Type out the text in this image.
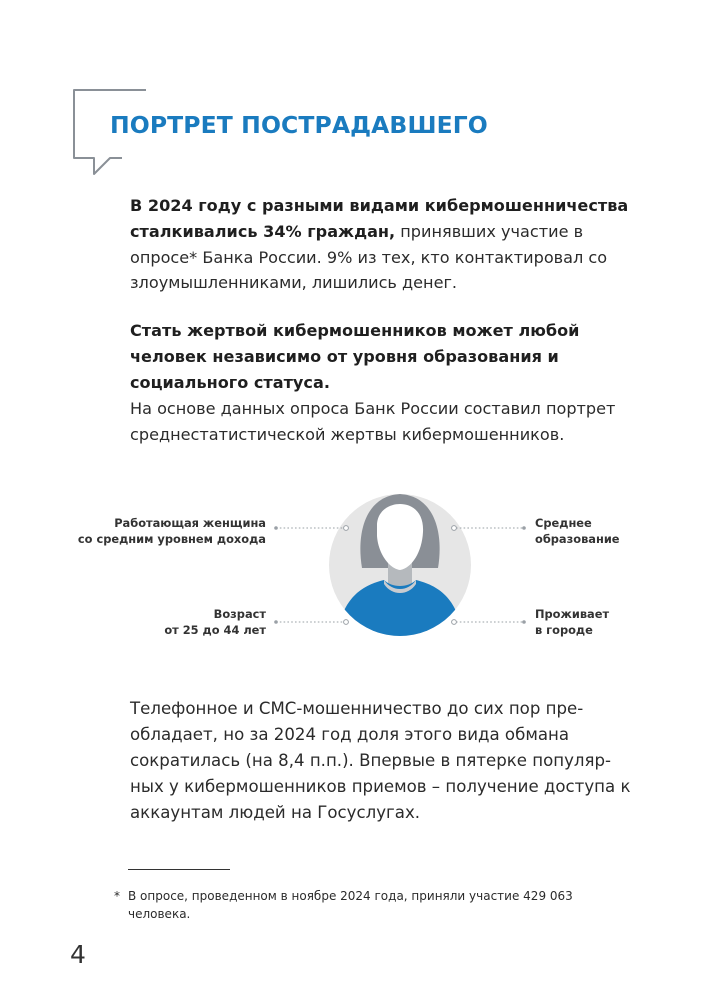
ПОРТРЕТ ПОСТРАДАВШЕГО

В 2024 году с разными видами кибермошенничества сталкивались 34% граждан, принявших участие в опросе* Банка России. 9% из тех, кто контактировал со злоумышленниками, лишились денег.

Стать жертвой кибермошенников может любой человек независимо от уровня образования и социального статуса.

На основе данных опроса Банк России составил портрет среднестатистической жертвы кибермошенников.

Работающая женщина
со средним уровнем дохода

Возраст
от 25 до 44 лет

Среднее
образование

Проживает
в городе

Телефонное и СМС-мошенничество до сих пор преобладает, но за 2024 год доля этого вида обмана сократилась (на 8,4 п.п.). Впервые в пятерке популярных у кибермошенников приемов – получение доступа к аккаунтам людей на Госуслугах.

* В опросе, проведенном в ноябре 2024 года, приняли участие 429 063 человека.

4
